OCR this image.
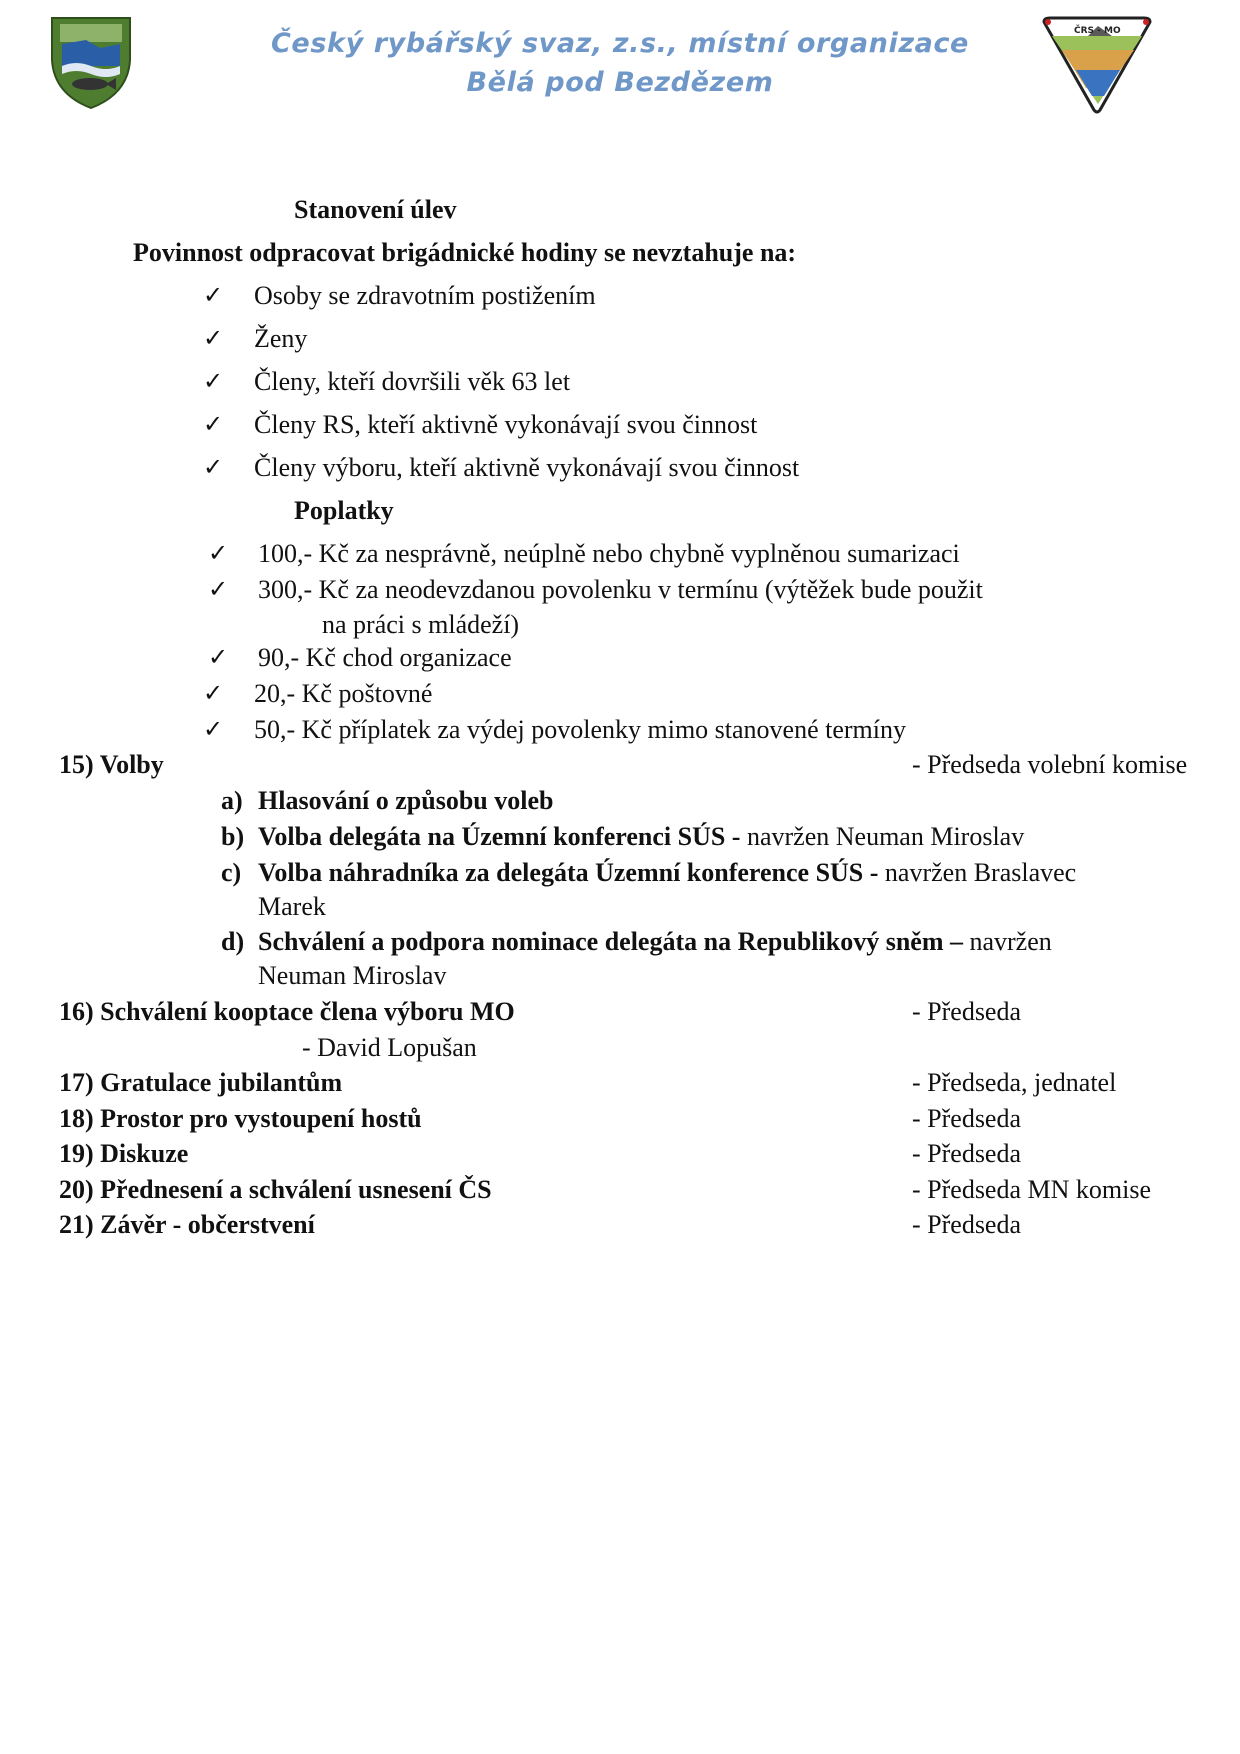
Český rybářský svaz, z.s., místní organizace
Bělá pod Bezdězem
ČRS - MO
Stanovení úlev
Povinnost odpracovat brigádnické hodiny se nevztahuje na:
✓ Osoby se zdravotním postižením
✓ Ženy
✓ Členy, kteří dovršili věk 63 let
✓ Členy RS, kteří aktivně vykonávají svou činnost
✓ Členy výboru, kteří aktivně vykonávají svou činnost
Poplatky
✓ 100,- Kč za nesprávně, neúplně nebo chybně vyplněnou sumarizaci
✓ 300,- Kč za neodevzdanou povolenku v termínu (výtěžek bude použit
na práci s mládeží)
✓ 90,- Kč chod organizace
✓ 20,- Kč poštovné
✓ 50,- Kč příplatek za výdej povolenky mimo stanovené termíny
15) Volby	- Předseda volební komise
a) Hlasování o způsobu voleb
b) Volba delegáta na Územní konferenci SÚS - navržen Neuman Miroslav
c) Volba náhradníka za delegáta Územní konference SÚS - navržen Braslavec
Marek
d) Schválení a podpora nominace delegáta na Republikový sněm – navržen
Neuman Miroslav
16) Schválení kooptace člena výboru MO	- Předseda
- David Lopušan
17) Gratulace jubilantům	- Předseda, jednatel
18) Prostor pro vystoupení hostů	- Předseda
19) Diskuze	- Předseda
20) Přednesení a schválení usnesení ČS	- Předseda MN komise
21) Závěr - občerstvení	- Předseda
